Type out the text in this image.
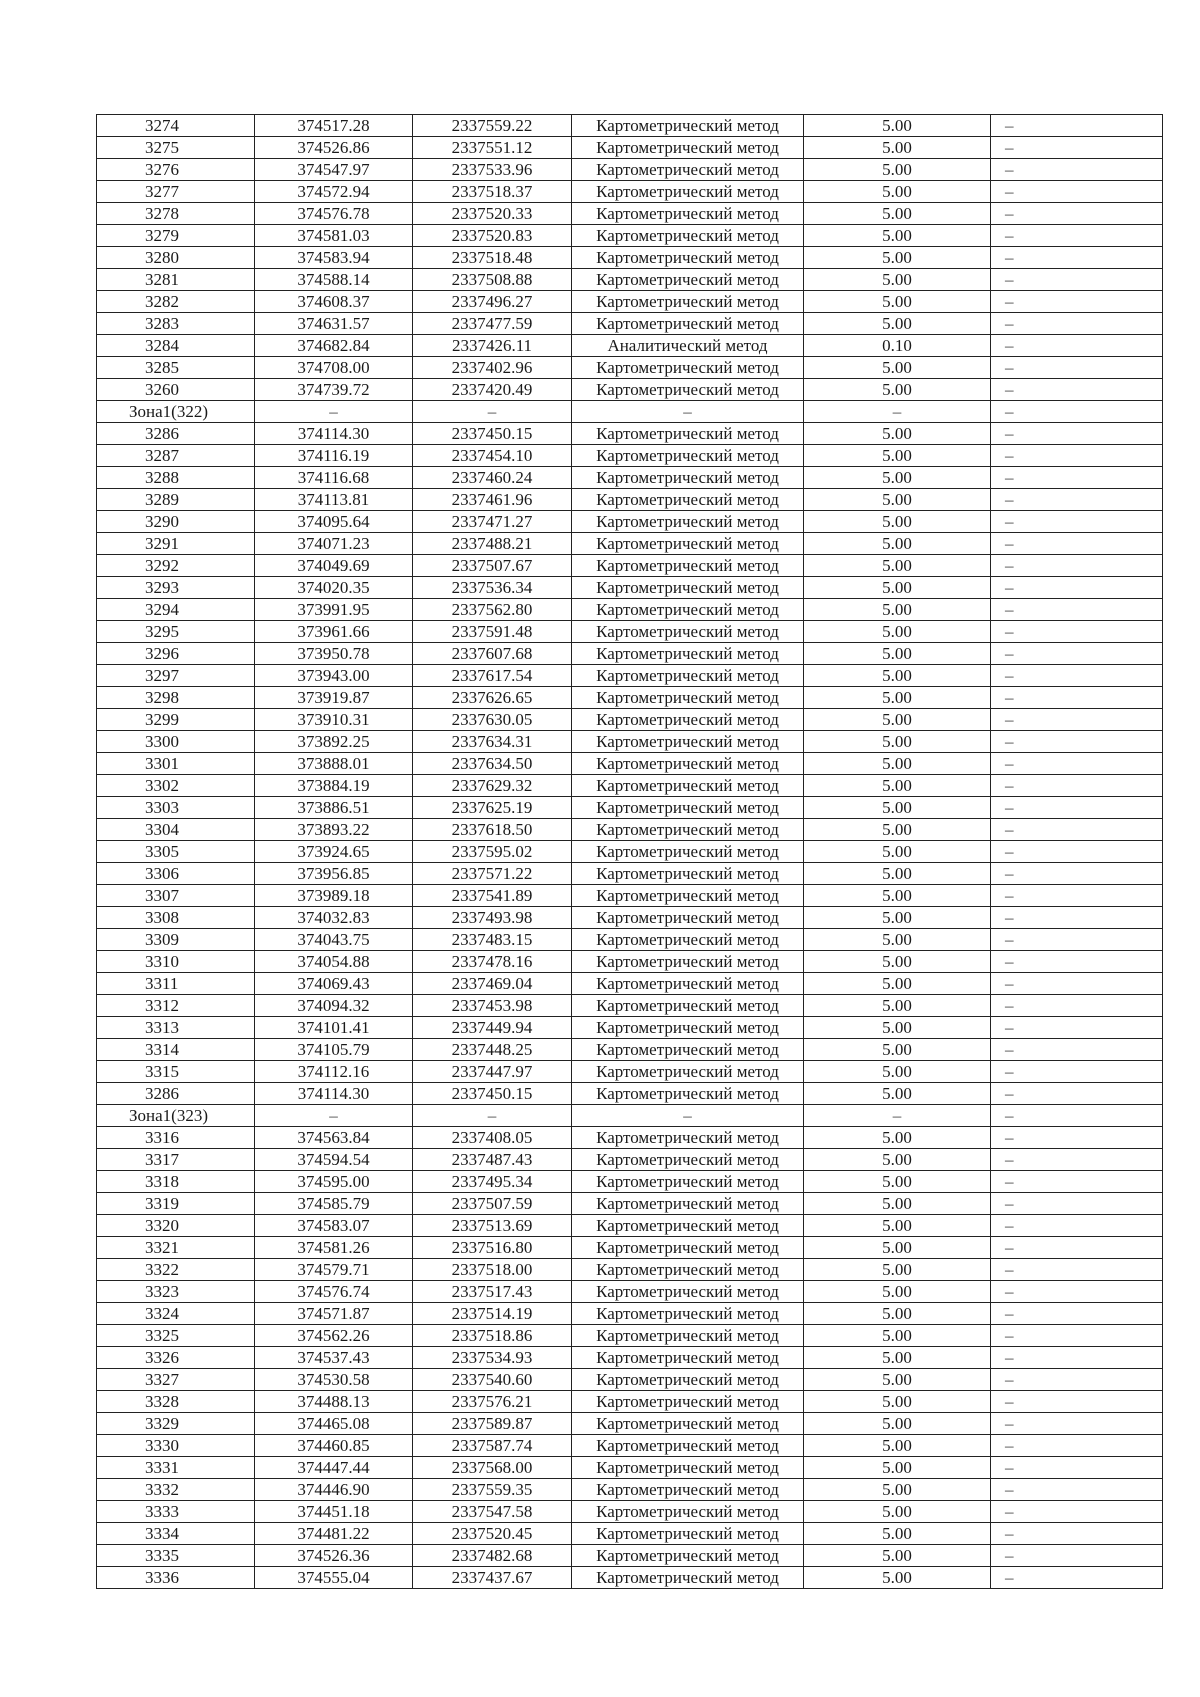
3274	374517.28	2337559.22	Картометрический метод	5.00	–
3275	374526.86	2337551.12	Картометрический метод	5.00	–
3276	374547.97	2337533.96	Картометрический метод	5.00	–
3277	374572.94	2337518.37	Картометрический метод	5.00	–
3278	374576.78	2337520.33	Картометрический метод	5.00	–
3279	374581.03	2337520.83	Картометрический метод	5.00	–
3280	374583.94	2337518.48	Картометрический метод	5.00	–
3281	374588.14	2337508.88	Картометрический метод	5.00	–
3282	374608.37	2337496.27	Картометрический метод	5.00	–
3283	374631.57	2337477.59	Картометрический метод	5.00	–
3284	374682.84	2337426.11	Аналитический метод	0.10	–
3285	374708.00	2337402.96	Картометрический метод	5.00	–
3260	374739.72	2337420.49	Картометрический метод	5.00	–
Зона1(322)	–	–	–	–	–
3286	374114.30	2337450.15	Картометрический метод	5.00	–
3287	374116.19	2337454.10	Картометрический метод	5.00	–
3288	374116.68	2337460.24	Картометрический метод	5.00	–
3289	374113.81	2337461.96	Картометрический метод	5.00	–
3290	374095.64	2337471.27	Картометрический метод	5.00	–
3291	374071.23	2337488.21	Картометрический метод	5.00	–
3292	374049.69	2337507.67	Картометрический метод	5.00	–
3293	374020.35	2337536.34	Картометрический метод	5.00	–
3294	373991.95	2337562.80	Картометрический метод	5.00	–
3295	373961.66	2337591.48	Картометрический метод	5.00	–
3296	373950.78	2337607.68	Картометрический метод	5.00	–
3297	373943.00	2337617.54	Картометрический метод	5.00	–
3298	373919.87	2337626.65	Картометрический метод	5.00	–
3299	373910.31	2337630.05	Картометрический метод	5.00	–
3300	373892.25	2337634.31	Картометрический метод	5.00	–
3301	373888.01	2337634.50	Картометрический метод	5.00	–
3302	373884.19	2337629.32	Картометрический метод	5.00	–
3303	373886.51	2337625.19	Картометрический метод	5.00	–
3304	373893.22	2337618.50	Картометрический метод	5.00	–
3305	373924.65	2337595.02	Картометрический метод	5.00	–
3306	373956.85	2337571.22	Картометрический метод	5.00	–
3307	373989.18	2337541.89	Картометрический метод	5.00	–
3308	374032.83	2337493.98	Картометрический метод	5.00	–
3309	374043.75	2337483.15	Картометрический метод	5.00	–
3310	374054.88	2337478.16	Картометрический метод	5.00	–
3311	374069.43	2337469.04	Картометрический метод	5.00	–
3312	374094.32	2337453.98	Картометрический метод	5.00	–
3313	374101.41	2337449.94	Картометрический метод	5.00	–
3314	374105.79	2337448.25	Картометрический метод	5.00	–
3315	374112.16	2337447.97	Картометрический метод	5.00	–
3286	374114.30	2337450.15	Картометрический метод	5.00	–
Зона1(323)	–	–	–	–	–
3316	374563.84	2337408.05	Картометрический метод	5.00	–
3317	374594.54	2337487.43	Картометрический метод	5.00	–
3318	374595.00	2337495.34	Картометрический метод	5.00	–
3319	374585.79	2337507.59	Картометрический метод	5.00	–
3320	374583.07	2337513.69	Картометрический метод	5.00	–
3321	374581.26	2337516.80	Картометрический метод	5.00	–
3322	374579.71	2337518.00	Картометрический метод	5.00	–
3323	374576.74	2337517.43	Картометрический метод	5.00	–
3324	374571.87	2337514.19	Картометрический метод	5.00	–
3325	374562.26	2337518.86	Картометрический метод	5.00	–
3326	374537.43	2337534.93	Картометрический метод	5.00	–
3327	374530.58	2337540.60	Картометрический метод	5.00	–
3328	374488.13	2337576.21	Картометрический метод	5.00	–
3329	374465.08	2337589.87	Картометрический метод	5.00	–
3330	374460.85	2337587.74	Картометрический метод	5.00	–
3331	374447.44	2337568.00	Картометрический метод	5.00	–
3332	374446.90	2337559.35	Картометрический метод	5.00	–
3333	374451.18	2337547.58	Картометрический метод	5.00	–
3334	374481.22	2337520.45	Картометрический метод	5.00	–
3335	374526.36	2337482.68	Картометрический метод	5.00	–
3336	374555.04	2337437.67	Картометрический метод	5.00	–
